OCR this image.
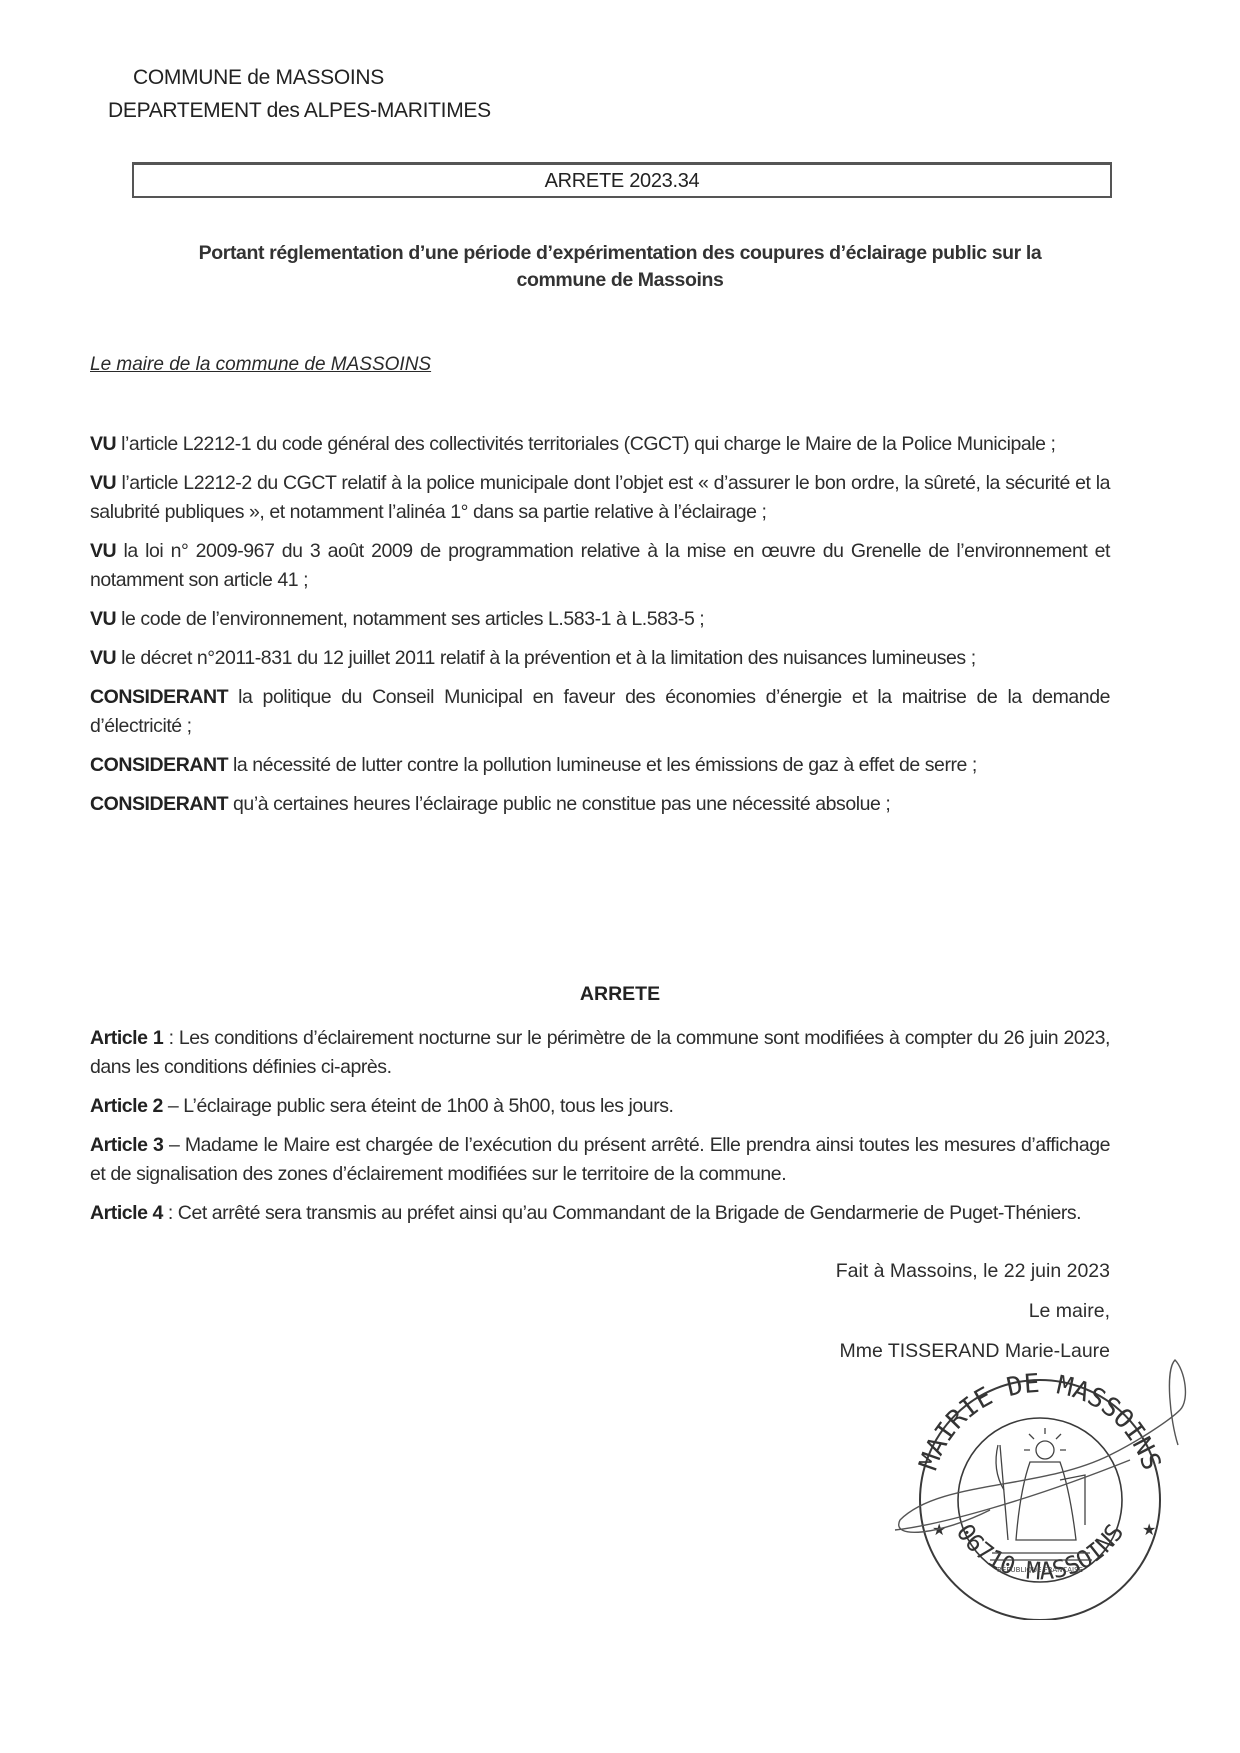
COMMUNE de MASSOINS
DEPARTEMENT des ALPES-MARITIMES
ARRETE 2023.34
Portant réglementation d’une période d’expérimentation des coupures d’éclairage public sur la
commune de Massoins
Le maire de la commune de MASSOINS

VU l’article L2212-1 du code général des collectivités territoriales (CGCT) qui charge le Maire de la Police Municipale ;

VU l’article L2212-2 du CGCT relatif à la police municipale dont l’objet est « d’assurer le bon ordre, la sûreté, la sécurité et la salubrité publiques », et notamment l’alinéa 1° dans sa partie relative à l’éclairage ;

VU la loi n° 2009-967 du 3 août 2009 de programmation relative à la mise en œuvre du Grenelle de l’environnement et notamment son article 41 ;

VU le code de l’environnement, notamment ses articles L.583-1 à L.583-5 ;

VU le décret n°2011-831 du 12 juillet 2011 relatif à la prévention et à la limitation des nuisances lumineuses ;

CONSIDERANT la politique du Conseil Municipal en faveur des économies d’énergie et la maitrise de la demande d’électricité ;

CONSIDERANT la nécessité de lutter contre la pollution lumineuse et les émissions de gaz à effet de serre ;

CONSIDERANT qu’à certaines heures l’éclairage public ne constitue pas une nécessité absolue ;

ARRETE

Article 1 : Les conditions d’éclairement nocturne sur le périmètre de la commune sont modifiées à compter du 26 juin 2023, dans les conditions définies ci-après.

Article 2 – L’éclairage public sera éteint de 1h00 à 5h00, tous les jours.

Article 3 – Madame le Maire est chargée de l’exécution du présent arrêté. Elle prendra ainsi toutes les mesures d’affichage et de signalisation des zones d’éclairement modifiées sur le territoire de la commune.

Article 4 : Cet arrêté sera transmis au préfet ainsi qu’au Commandant de la Brigade de Gendarmerie de Puget-Théniers.

Fait à Massoins, le 22 juin 2023
Le maire,
Mme TISSERAND Marie-Laure
MAIRIE DE MASSOINS
06710 MASSOINS
★	★
RÉPUBLIQUE FRANÇAISE
